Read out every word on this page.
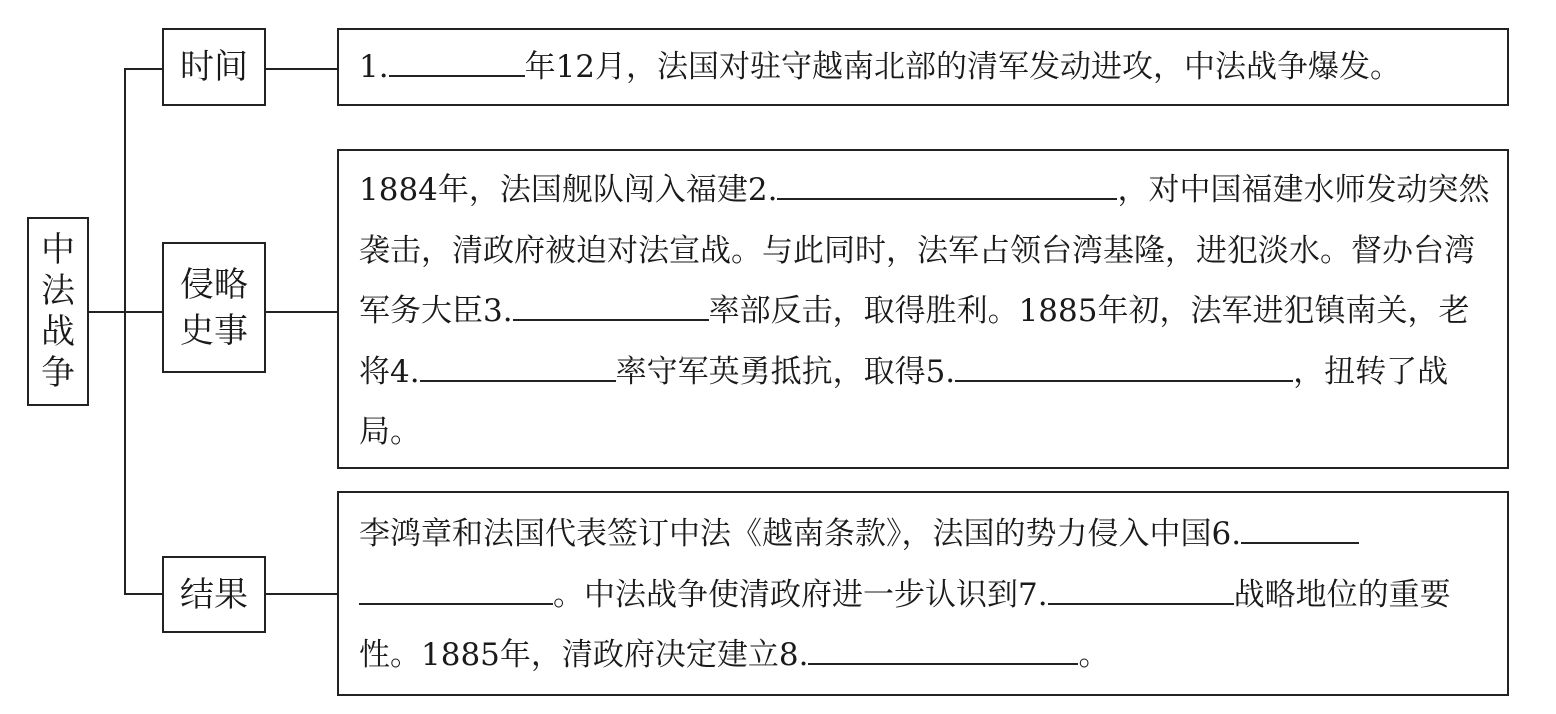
中
法
战
争
时间
侵略
史事
结果
1.	年12月，法国对驻守越南北部的清军发动进攻，中法战争爆发。
1884年，法国舰队闯入福建2.	，对中国福建水师发动突然袭击，清政府被迫对法宣战。与此同时，法军占领台湾基隆，进犯淡水。督办台湾军务大臣3.	率部反击，取得胜利。1885年初，法军进犯镇南关，老将4.	率守军英勇抵抗，取得5.	，扭转了战局。
李鸿章和法国代表签订中法《越南条款》，法国的势力侵入中国6.。中法战争使清政府进一步认识到7.	战略地位的重要性。1885年，清政府决定建立8.	。
